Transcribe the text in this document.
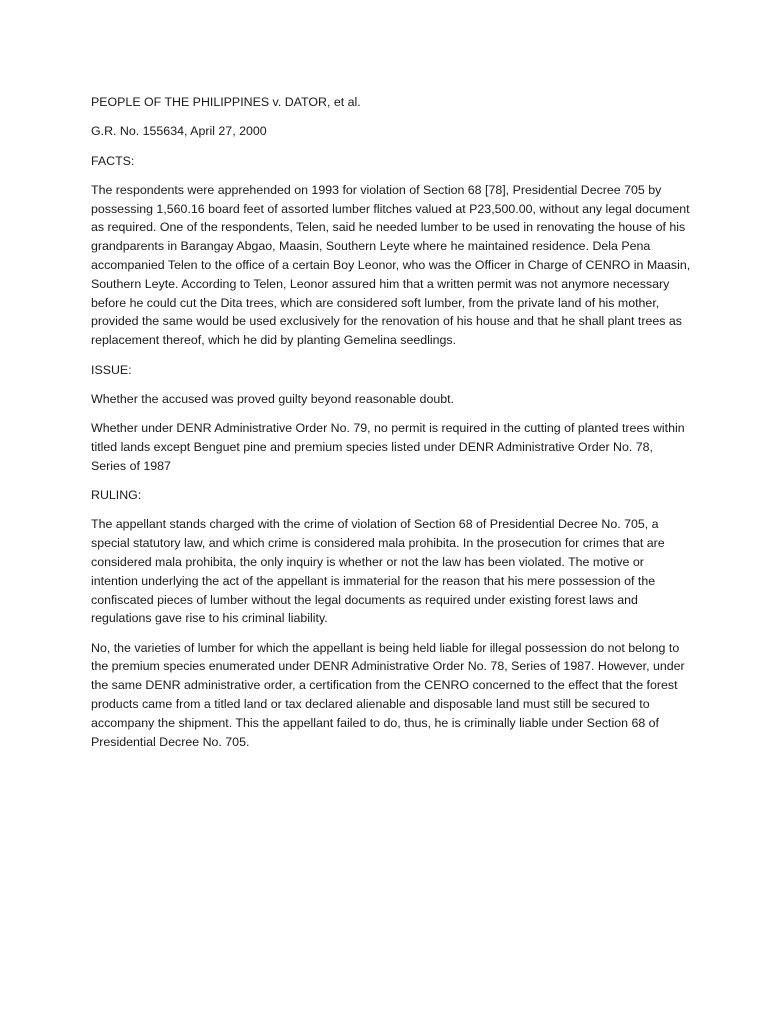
PEOPLE OF THE PHILIPPINES v. DATOR, et al.

G.R. No. 155634, April 27, 2000

FACTS:

The respondents were apprehended on 1993 for violation of Section 68 [78], Presidential Decree 705 by possessing 1,560.16 board feet of assorted lumber flitches valued at P23,500.00, without any legal document as required. One of the respondents, Telen, said he needed lumber to be used in renovating the house of his grandparents in Barangay Abgao, Maasin, Southern Leyte where he maintained residence. Dela Pena accompanied Telen to the office of a certain Boy Leonor, who was the Officer in Charge of CENRO in Maasin, Southern Leyte. According to Telen, Leonor assured him that a written permit was not anymore necessary before he could cut the Dita trees, which are considered soft lumber, from the private land of his mother, provided the same would be used exclusively for the renovation of his house and that he shall plant trees as replacement thereof, which he did by planting Gemelina seedlings.

ISSUE:

Whether the accused was proved guilty beyond reasonable doubt.

Whether under DENR Administrative Order No. 79, no permit is required in the cutting of planted trees within titled lands except Benguet pine and premium species listed under DENR Administrative Order No. 78, Series of 1987

RULING:

The appellant stands charged with the crime of violation of Section 68 of Presidential Decree No. 705, a special statutory law, and which crime is considered mala prohibita. In the prosecution for crimes that are considered mala prohibita, the only inquiry is whether or not the law has been violated. The motive or intention underlying the act of the appellant is immaterial for the reason that his mere possession of the confiscated pieces of lumber without the legal documents as required under existing forest laws and regulations gave rise to his criminal liability.

No, the varieties of lumber for which the appellant is being held liable for illegal possession do not belong to the premium species enumerated under DENR Administrative Order No. 78, Series of 1987. However, under the same DENR administrative order, a certification from the CENRO concerned to the effect that the forest products came from a titled land or tax declared alienable and disposable land must still be secured to accompany the shipment. This the appellant failed to do, thus, he is criminally liable under Section 68 of Presidential Decree No. 705.
